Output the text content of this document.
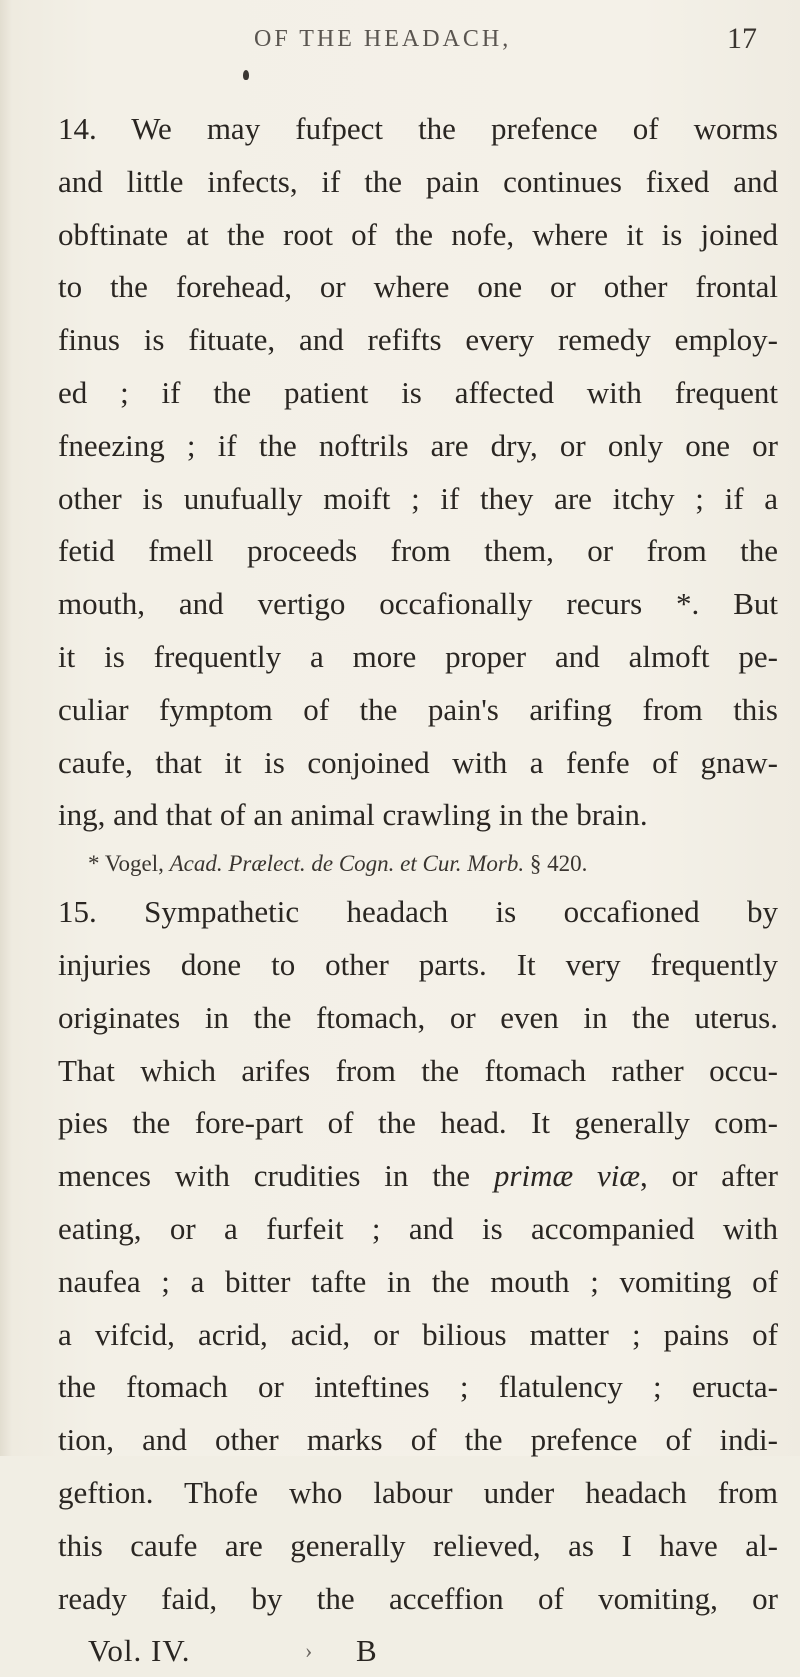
OF THE HEADACH,	17
14. We may fufpect the prefence of worms
and little infects, if the pain continues fixed and
obftinate at the root of the nofe, where it is joined
to the forehead, or where one or other frontal
finus is fituate, and refifts every remedy employ-
ed ; if the patient is affected with frequent
fneezing ; if the noftrils are dry, or only one or
other is unufually moift ; if they are itchy ; if a
fetid fmell proceeds from them, or from the
mouth, and vertigo occafionally recurs *. But
it is frequently a more proper and almoft pe-
culiar fymptom of the pain's arifing from this
caufe, that it is conjoined with a fenfe of gnaw-
ing, and that of an animal crawling in the brain.
* Vogel, Acad. Prælect. de Cogn. et Cur. Morb. § 420.
15. Sympathetic headach is occafioned by
injuries done to other parts. It very frequently
originates in the ftomach, or even in the uterus.
That which arifes from the ftomach rather occu-
pies the fore-part of the head. It generally com-
mences with crudities in the primæ viæ, or after
eating, or a furfeit ; and is accompanied with
naufea ; a bitter tafte in the mouth ; vomiting of
a vifcid, acrid, acid, or bilious matter ; pains of
the ftomach or inteftines ; flatulency ; eructa-
tion, and other marks of the prefence of indi-
geftion. Thofe who labour under headach from
this caufe are generally relieved, as I have al-
ready faid, by the acceffion of vomiting, or
Vol. IV.	› B
